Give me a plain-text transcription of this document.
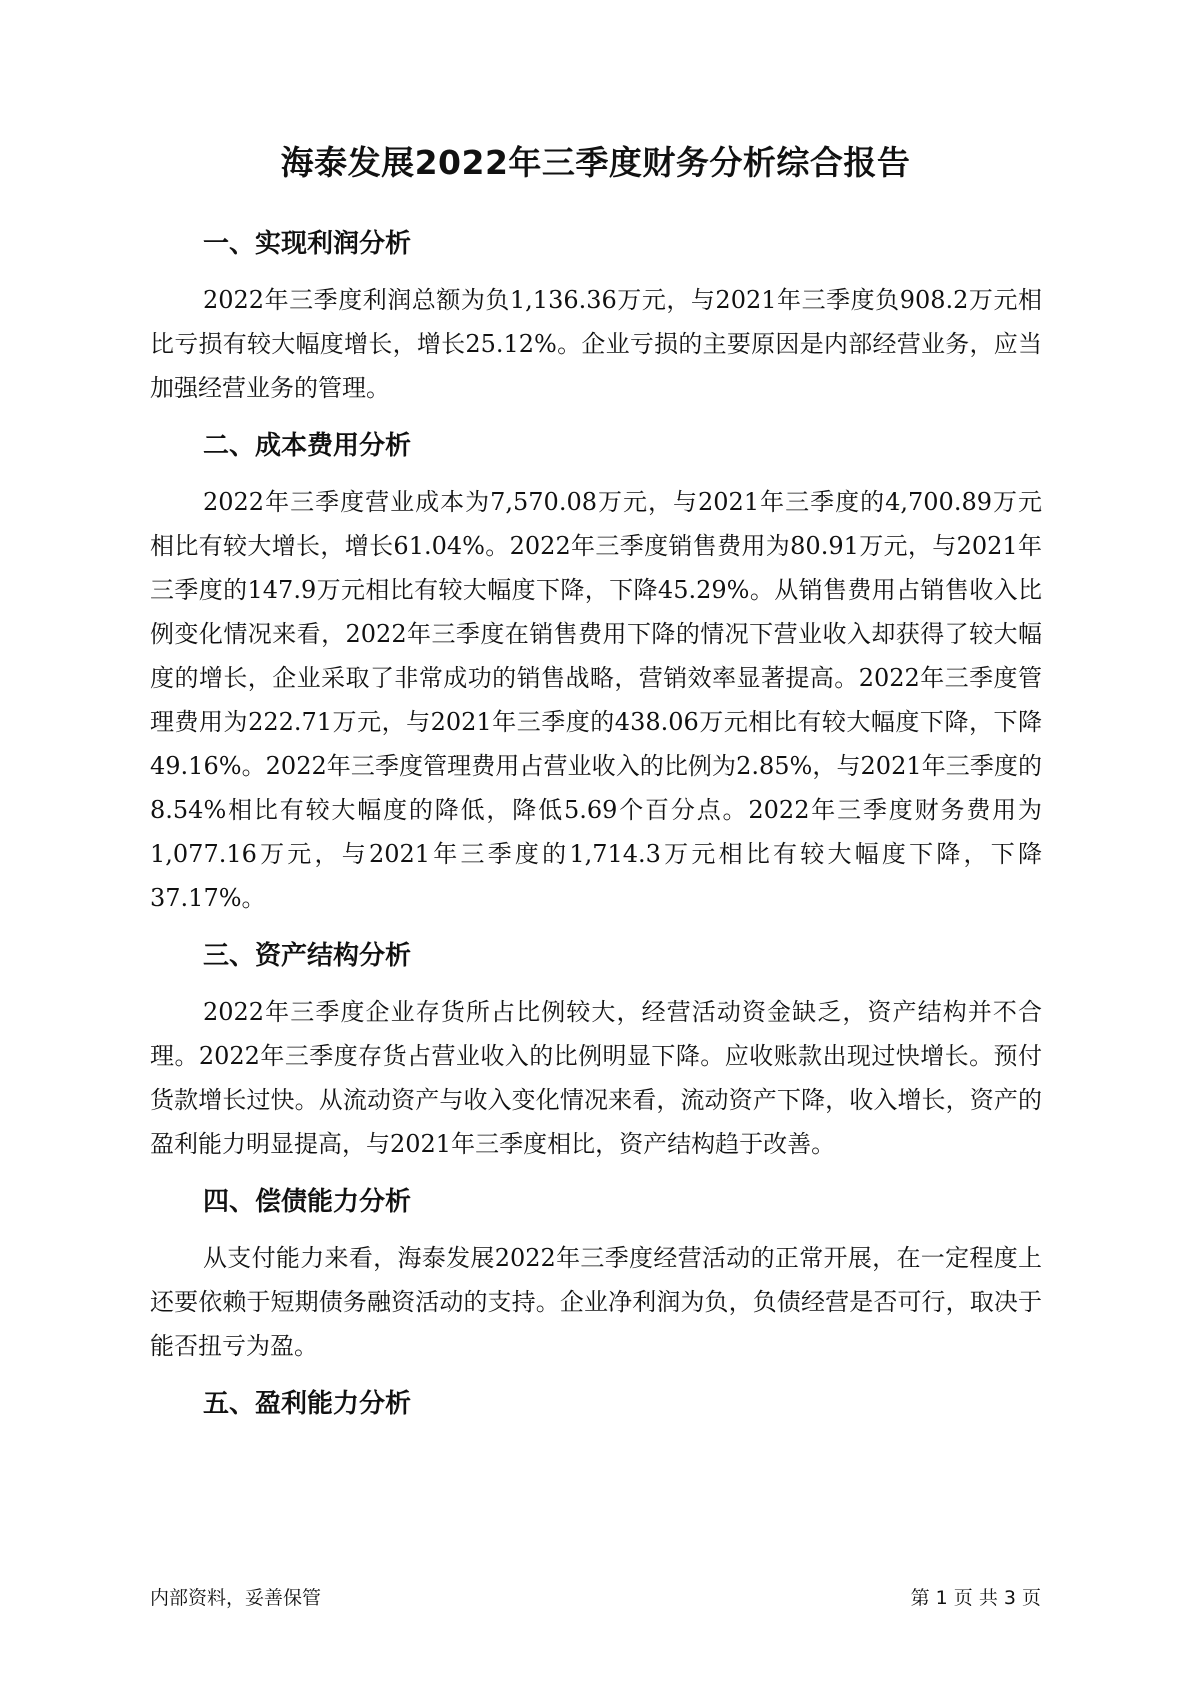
海泰发展2022年三季度财务分析综合报告
一、实现利润分析

2022年三季度利润总额为负1,136.36万元，与2021年三季度负908.2万元相比亏损有较大幅度增长，增长25.12%。企业亏损的主要原因是内部经营业务，应当加强经营业务的管理。

二、成本费用分析

2022年三季度营业成本为7,570.08万元，与2021年三季度的4,700.89万元相比有较大增长，增长61.04%。2022年三季度销售费用为80.91万元，与2021年三季度的147.9万元相比有较大幅度下降，下降45.29%。从销售费用占销售收入比例变化情况来看，2022年三季度在销售费用下降的情况下营业收入却获得了较大幅度的增长，企业采取了非常成功的销售战略，营销效率显著提高。2022年三季度管理费用为222.71万元，与2021年三季度的438.06万元相比有较大幅度下降，下降49.16%。2022年三季度管理费用占营业收入的比例为2.85%，与2021年三季度的8.54%相比有较大幅度的降低，降低5.69个百分点。2022年三季度财务费用为1,077.16万元，与2021年三季度的1,714.3万元相比有较大幅度下降，下降37.17%。

三、资产结构分析

2022年三季度企业存货所占比例较大，经营活动资金缺乏，资产结构并不合理。2022年三季度存货占营业收入的比例明显下降。应收账款出现过快增长。预付货款增长过快。从流动资产与收入变化情况来看，流动资产下降，收入增长，资产的盈利能力明显提高，与2021年三季度相比，资产结构趋于改善。

四、偿债能力分析

从支付能力来看，海泰发展2022年三季度经营活动的正常开展，在一定程度上还要依赖于短期债务融资活动的支持。企业净利润为负，负债经营是否可行，取决于能否扭亏为盈。

五、盈利能力分析
内部资料，妥善保管	第 1 页 共 3 页
